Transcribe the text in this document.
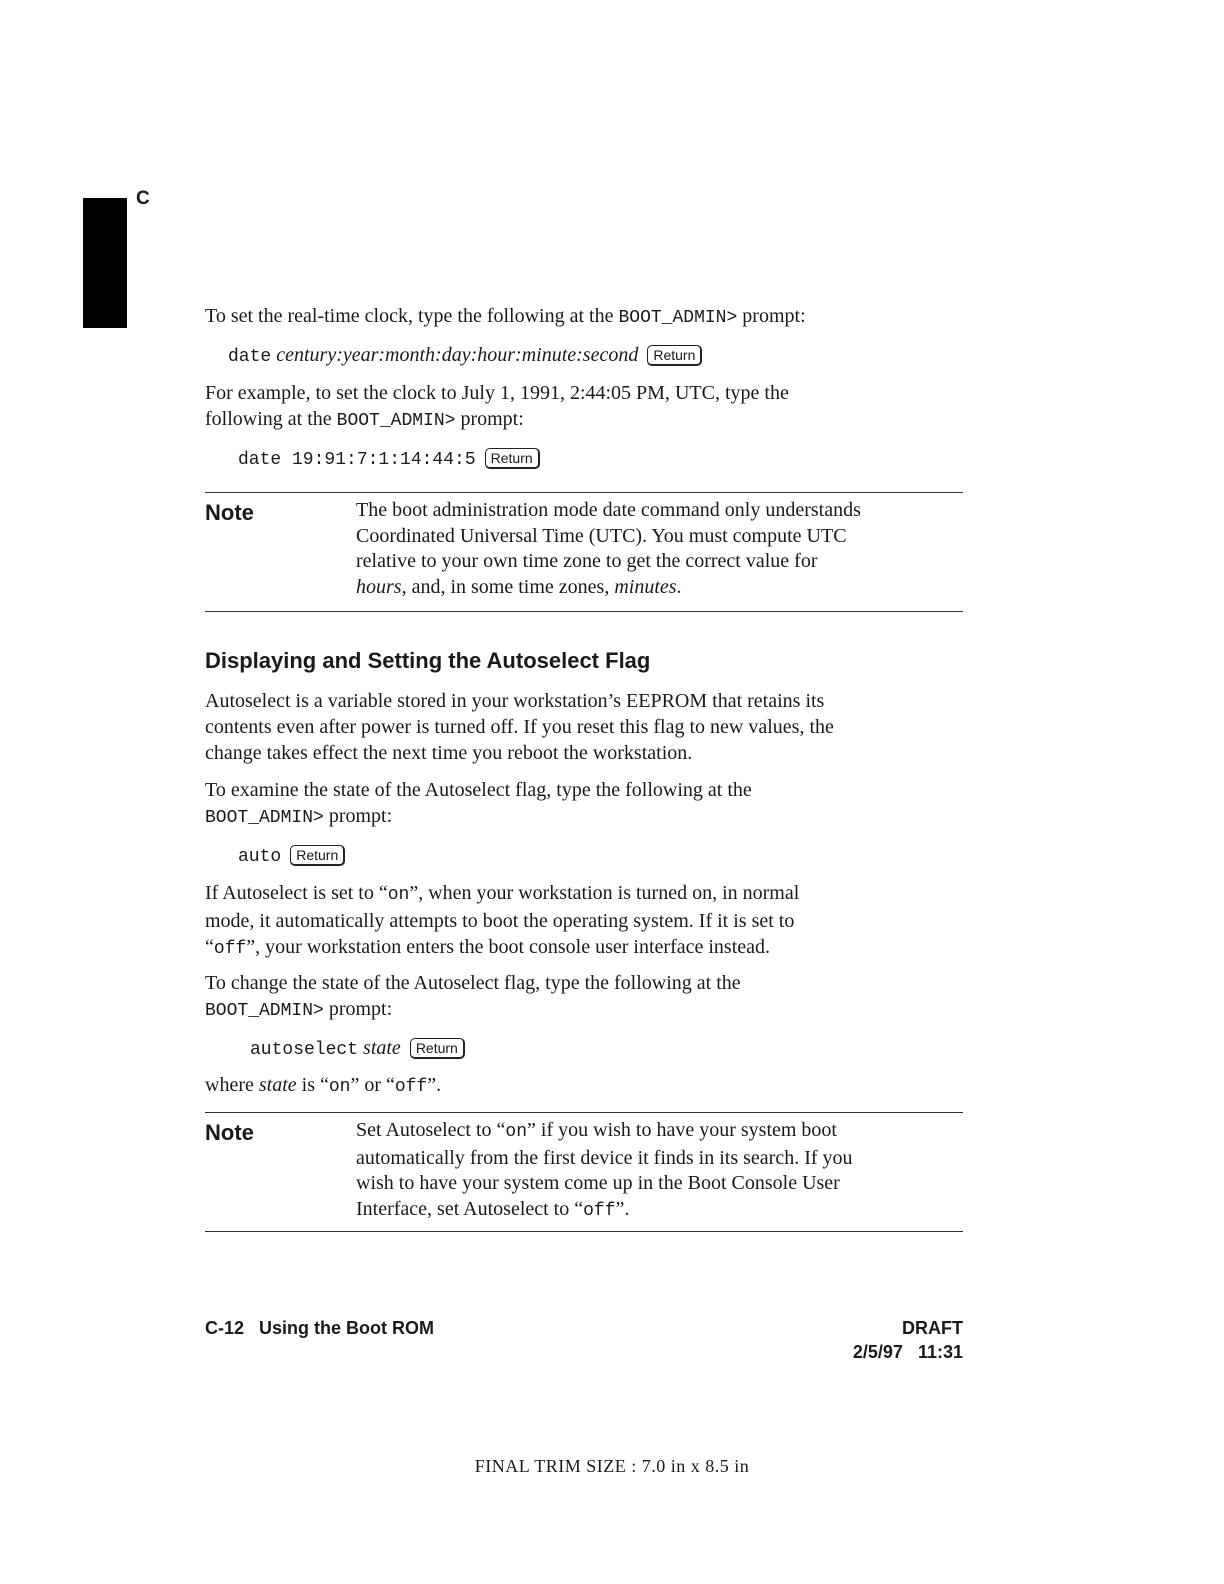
C

To set the real-time clock, type the following at the BOOT_ADMIN> prompt:

date century:year:month:day:hour:minute:second Return

For example, to set the clock to July 1, 1991, 2:44:05 PM, UTC, type the
following at the BOOT_ADMIN> prompt:

date 19:91:7:1:14:44:5 Return
Note	The boot administration mode date command only understands
Coordinated Universal Time (UTC). You must compute UTC
relative to your own time zone to get the correct value for
hours, and, in some time zones, minutes.

Displaying and Setting the Autoselect Flag

Autoselect is a variable stored in your workstation’s EEPROM that retains its
contents even after power is turned off. If you reset this flag to new values, the
change takes effect the next time you reboot the workstation.

To examine the state of the Autoselect flag, type the following at the
BOOT_ADMIN> prompt:

auto Return

If Autoselect is set to “on”, when your workstation is turned on, in normal
mode, it automatically attempts to boot the operating system. If it is set to
“off”, your workstation enters the boot console user interface instead.

To change the state of the Autoselect flag, type the following at the
BOOT_ADMIN> prompt:

autoselect state Return

where state is “on” or “off”.

Note	Set Autoselect to “on” if you wish to have your system boot
automatically from the first device it finds in its search. If you
wish to have your system come up in the Boot Console User
Interface, set Autoselect to “off”.

C-12 Using the Boot ROM	DRAFT
2/5/97 11:31
FINAL TRIM SIZE : 7.0 in x 8.5 in
